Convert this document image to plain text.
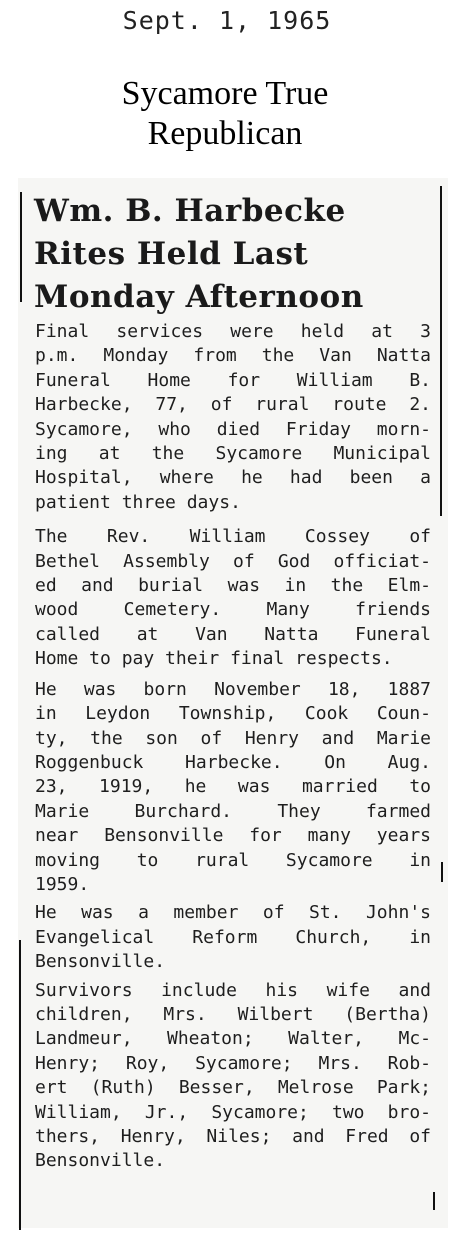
Sept. 1, 1965
Sycamore True Republican
Wm. B. Harbecke
Rites Held Last
Monday Afternoon
Final services were held at 3
p.m. Monday from the Van Natta
Funeral Home for William B.
Harbecke, 77, of rural route 2.
Sycamore, who died Friday morn-
ing at the Sycamore Municipal
Hospital, where he had been a
patient three days.
The Rev. William Cossey of
Bethel Assembly of God officiat-
ed and burial was in the Elm-
wood Cemetery. Many friends
called at Van Natta Funeral
Home to pay their final respects.
He was born November 18, 1887
in Leydon Township, Cook Coun-
ty, the son of Henry and Marie
Roggenbuck Harbecke. On Aug.
23, 1919, he was married to
Marie Burchard. They farmed
near Bensonville for many years
moving to rural Sycamore in
1959.
He was a member of St. John's
Evangelical Reform Church, in
Bensonville.
Survivors include his wife and
children, Mrs. Wilbert (Bertha)
Landmeur, Wheaton; Walter, Mc-
Henry; Roy, Sycamore; Mrs. Rob-
ert (Ruth) Besser, Melrose Park;
William, Jr., Sycamore; two bro-
thers, Henry, Niles; and Fred of
Bensonville.
